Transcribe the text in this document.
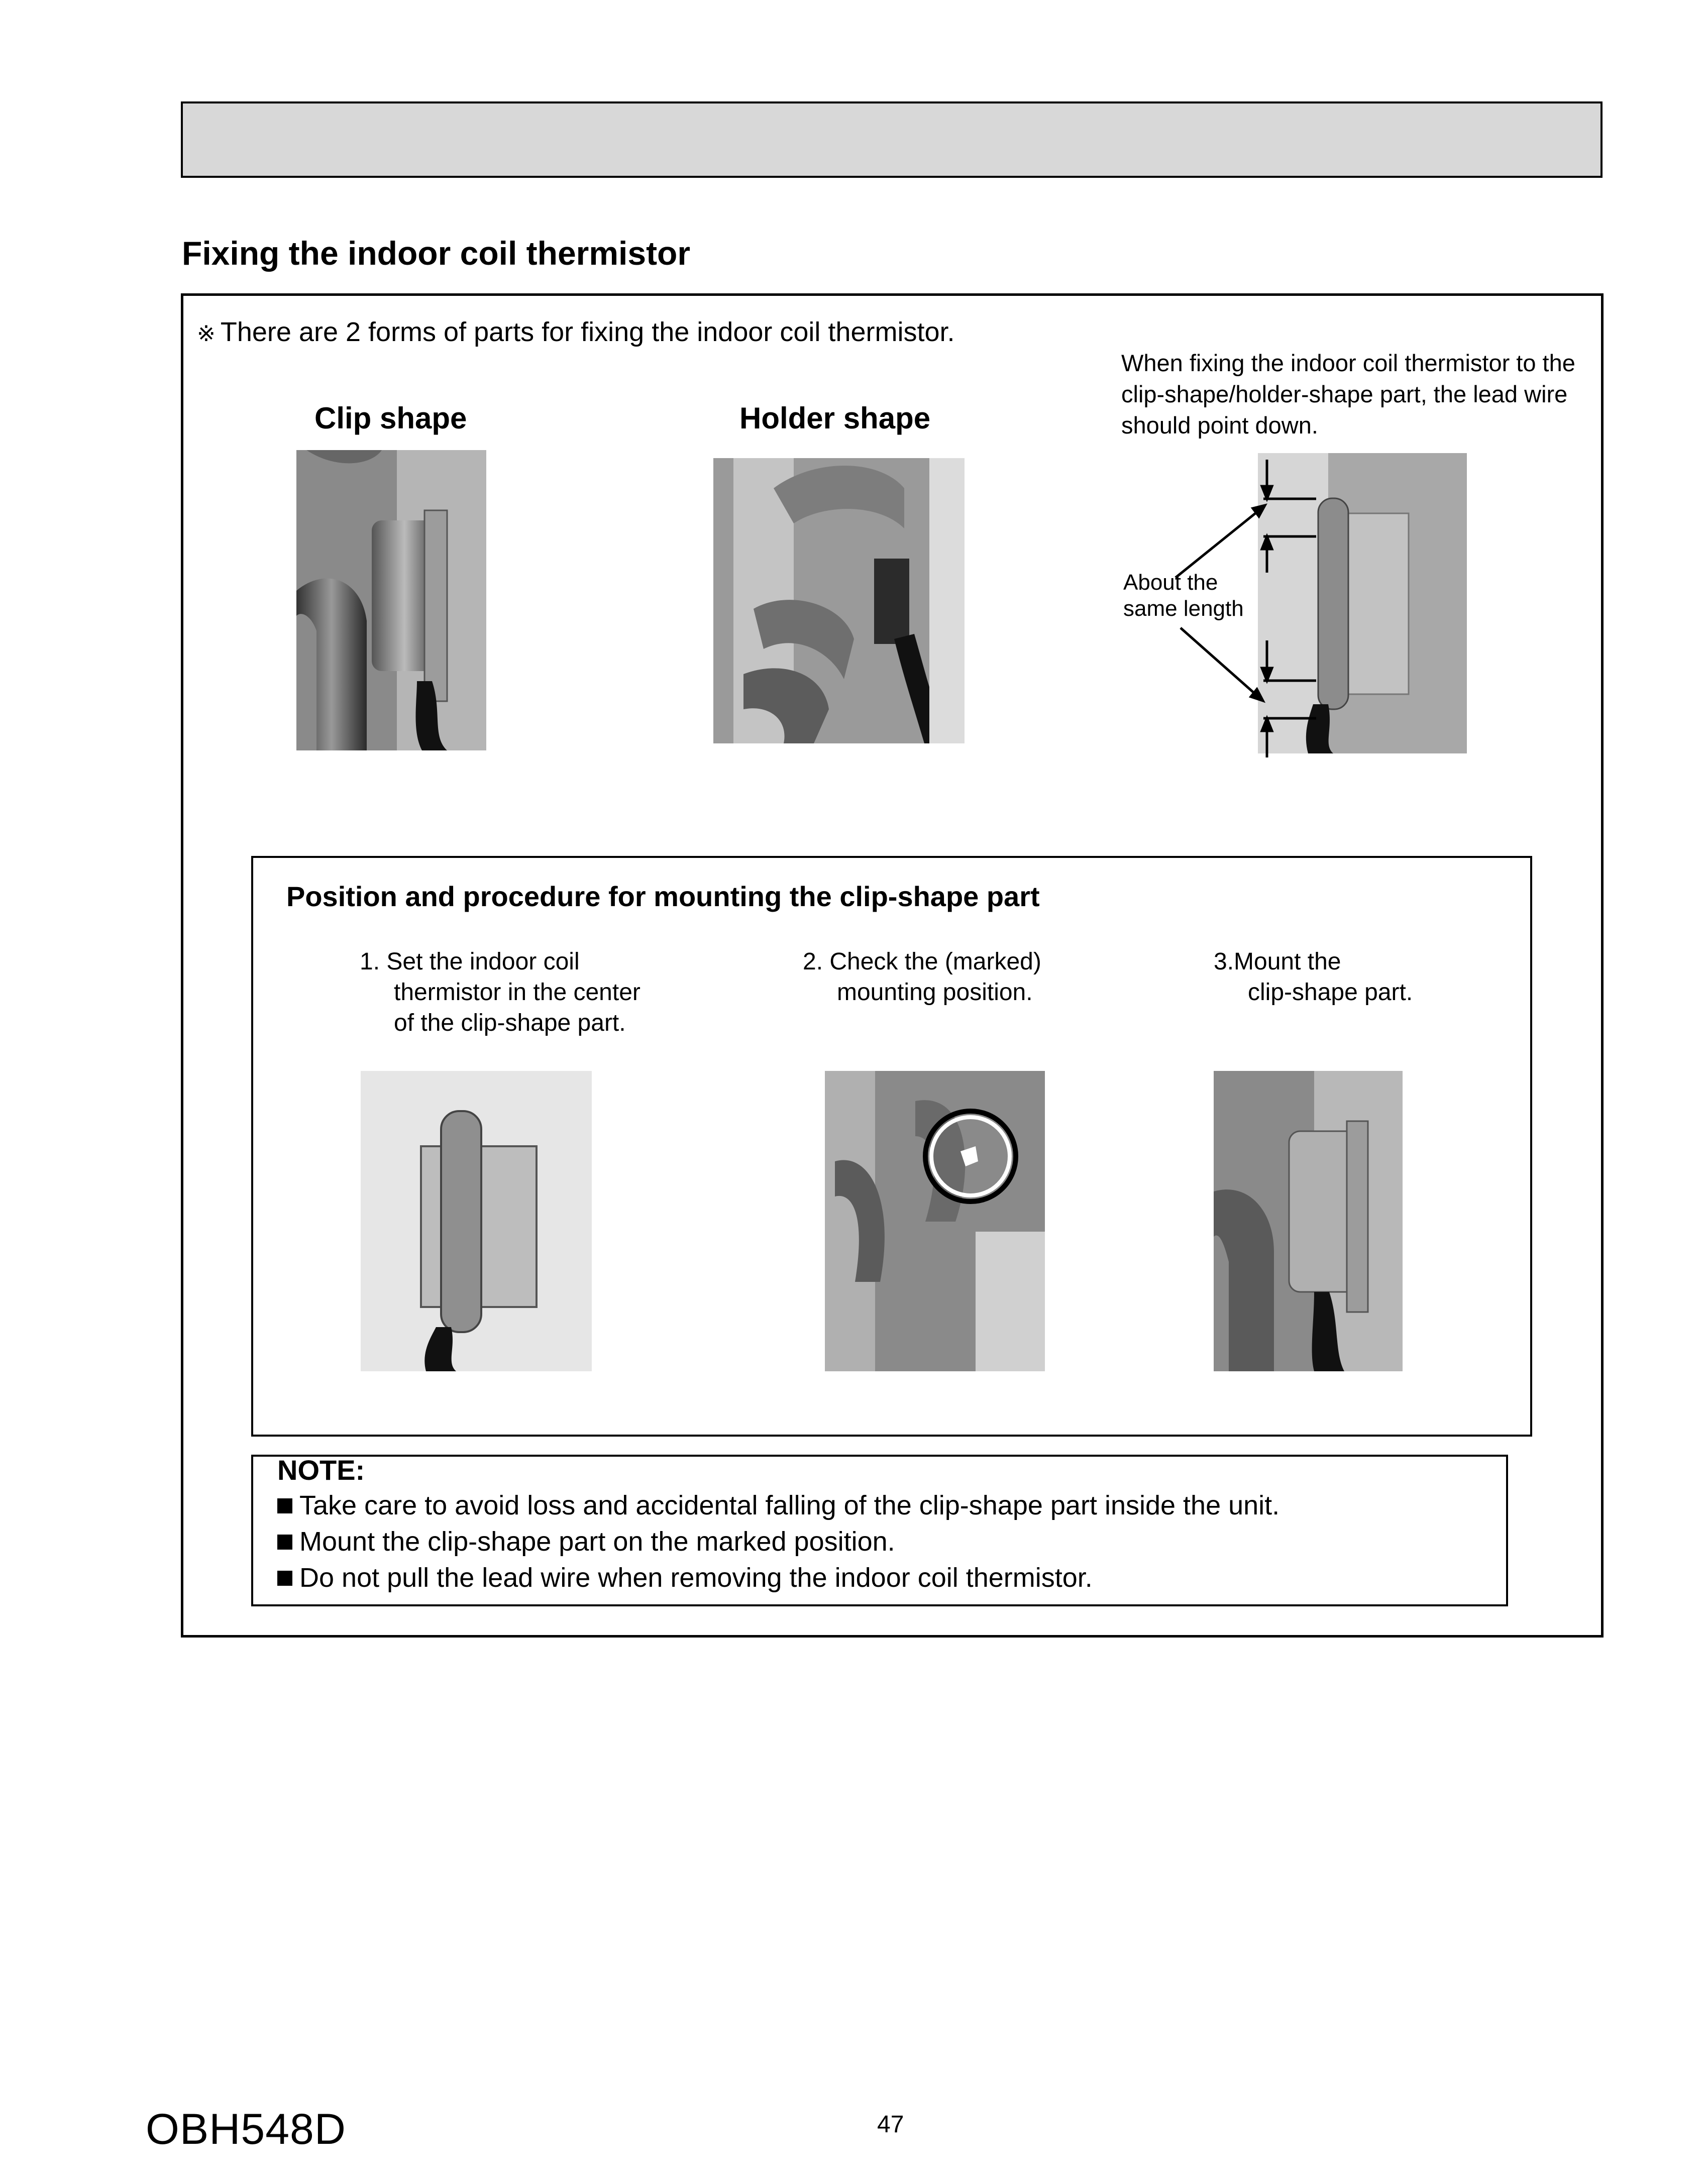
Fixing the indoor coil thermistor
※ There are 2 forms of parts for fixing the indoor coil thermistor.
Clip shape	Holder shape
When fixing the indoor coil thermistor to the clip-shape/holder-shape part, the lead wire should point down.
About the
same length
Position and procedure for mounting the clip-shape part
1. Set the indoor coil
thermistor in the center
of the clip-shape part.
2. Check the (marked)
mounting position.
3.Mount the
clip-shape part.
NOTE:
Take care to avoid loss and accidental falling of the clip-shape part inside the unit.
Mount the clip-shape part on the marked position.
Do not pull the lead wire when removing the indoor coil thermistor.
OBH548D	47
